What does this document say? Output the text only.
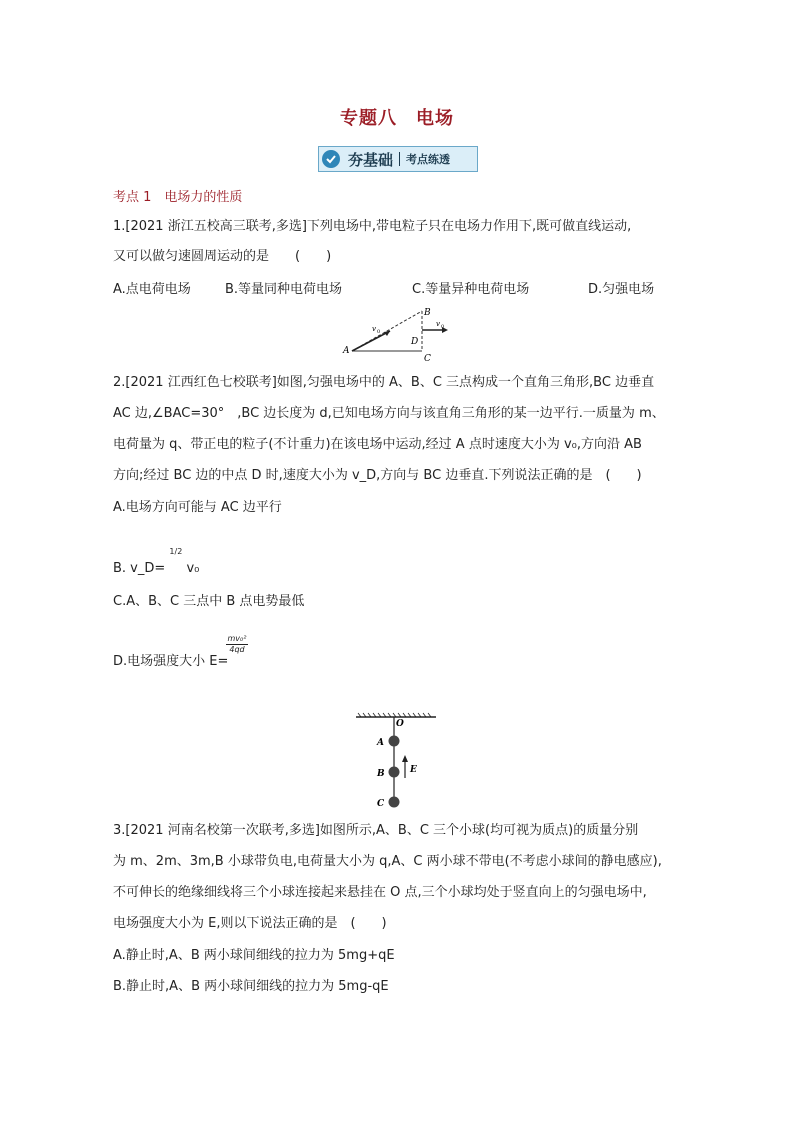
专题八　电场
夯基础 考点练透
考点 1　电场力的性质
1.[2021 浙江五校高三联考,多选]下列电场中,带电粒子只在电场力作用下,既可做直线运动,
又可以做匀速圆周运动的是　　(　　)
A.点电荷电场	B.等量同种电荷电场	C.等量异种电荷电场	D.匀强电场
A
B
C
D
v 0
v 0
2.[2021 江西红色七校联考]如图,匀强电场中的 A、B、C 三点构成一个直角三角形,BC 边垂直
AC 边,∠BAC=30°　,BC 边长度为 d,已知电场方向与该直角三角形的某一边平行.一质量为 m、
电荷量为 q、带正电的粒子(不计重力)在该电场中运动,经过 A 点时速度大小为 v₀,方向沿 AB
方向;经过 BC 边的中点 D 时,速度大小为 v_D,方向与 BC 边垂直.下列说法正确的是　(　　)
A.电场方向可能与 AC 边平行
B. v_D= $^{1/2}$ v₀
C.A、B、C 三点中 B 点电势最低
D.电场强度大小 E=
mv₀²
4qd
O
A
B
C
E
3.[2021 河南名校第一次联考,多选]如图所示,A、B、C 三个小球(均可视为质点)的质量分别
为 m、2m、3m,B 小球带负电,电荷量大小为 q,A、C 两小球不带电(不考虑小球间的静电感应),
不可伸长的绝缘细线将三个小球连接起来悬挂在 O 点,三个小球均处于竖直向上的匀强电场中,
电场强度大小为 E,则以下说法正确的是　(　　)
A.静止时,A、B 两小球间细线的拉力为 5mg+qE
B.静止时,A、B 两小球间细线的拉力为 5mg-qE
